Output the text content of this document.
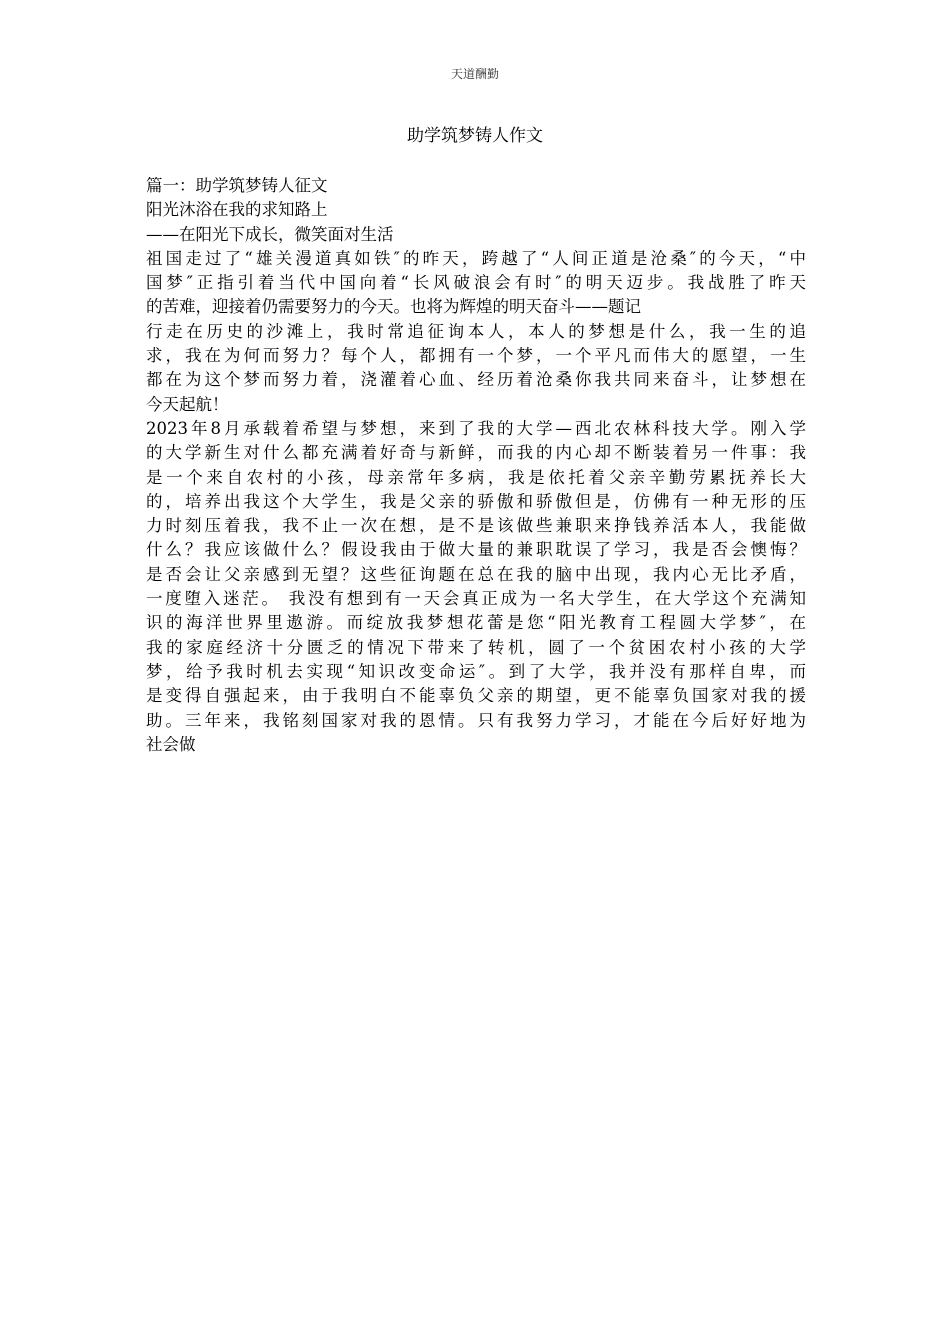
天道酬勤
助学筑梦铸人作文
篇一：助学筑梦铸人征文
阳光沐浴在我的求知路上
——在阳光下成长，微笑面对生活
祖国走过了“雄关漫道真如铁″的昨天，跨越了“人间正道是沧桑″的今天，“中
国梦″正指引着当代中国向着“长风破浪会有时″的明天迈步。我战胜了昨天
的苦难，迎接着仍需要努力的今天。也将为辉煌的明天奋斗——题记
行走在历史的沙滩上，我时常追征询本人，本人的梦想是什么，我一生的追
求，我在为何而努力？每个人，都拥有一个梦，一个平凡而伟大的愿望，一生
都在为这个梦而努力着，浇灌着心血、经历着沧桑你我共同来奋斗，让梦想在
今天起航！
2023年8月承载着希望与梦想，来到了我的大学—西北农林科技大学。刚入学
的大学新生对什么都充满着好奇与新鲜，而我的内心却不断装着另一件事：我
是一个来自农村的小孩，母亲常年多病，我是依托着父亲辛勤劳累抚养长大
的，培养出我这个大学生，我是父亲的骄傲和骄傲但是，仿佛有一种无形的压
力时刻压着我，我不止一次在想，是不是该做些兼职来挣钱养活本人，我能做
什么？我应该做什么？假设我由于做大量的兼职耽误了学习，我是否会懊悔？
是否会让父亲感到无望？这些征询题在总在我的脑中出现，我内心无比矛盾，
一度堕入迷茫。 我没有想到有一天会真正成为一名大学生，在大学这个充满知
识的海洋世界里遨游。而绽放我梦想花蕾是您“阳光教育工程圆大学梦″，在
我的家庭经济十分匮乏的情况下带来了转机，圆了一个贫困农村小孩的大学
梦，给予我时机去实现“知识改变命运″。到了大学，我并没有那样自卑，而
是变得自强起来，由于我明白不能辜负父亲的期望，更不能辜负国家对我的援
助。三年来，我铭刻国家对我的恩情。只有我努力学习，才能在今后好好地为
社会做
